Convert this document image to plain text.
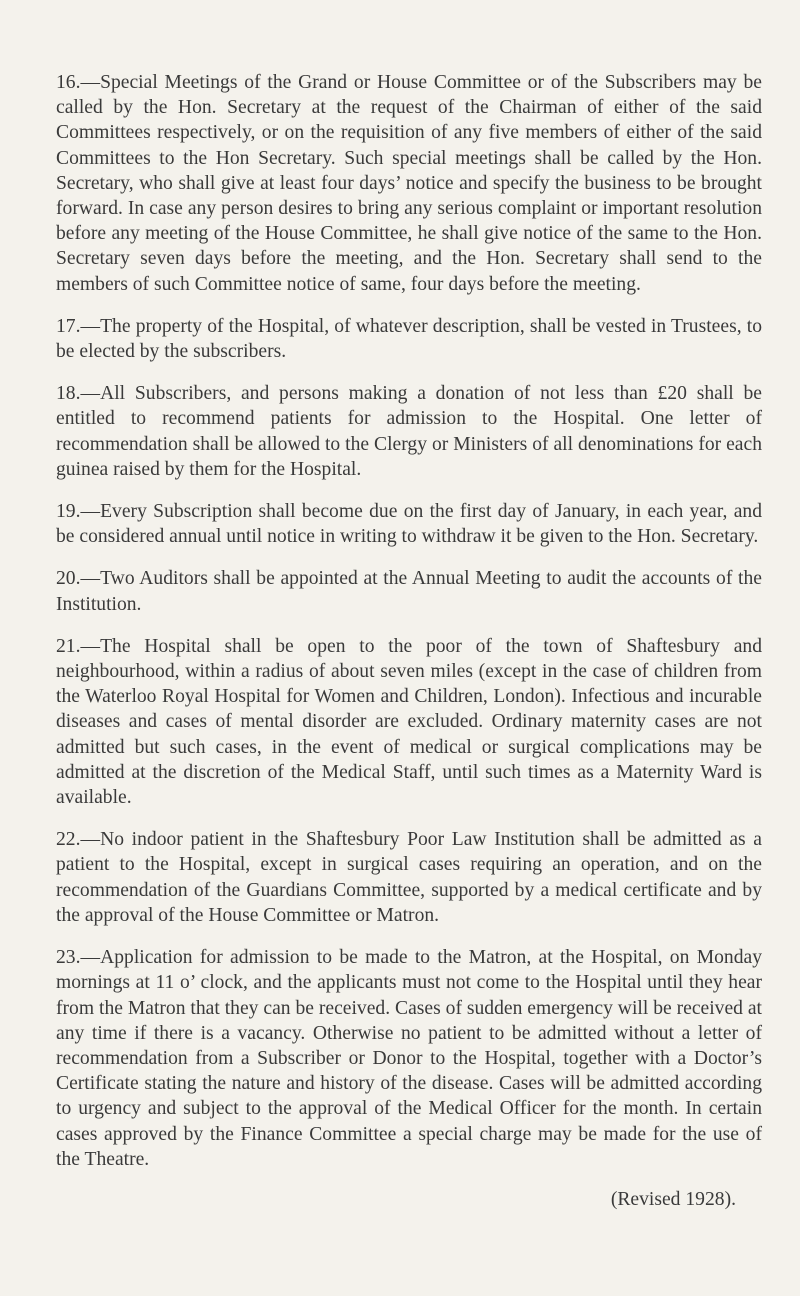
16.—Special Meetings of the Grand or House Committee or of the Subscribers may be called by the Hon. Secretary at the request of the Chairman of either of the said Committees respectively, or on the requisition of any five members of either of the said Committees to the Hon Secretary. Such special meetings shall be called by the Hon. Secretary, who shall give at least four days’ notice and specify the business to be brought forward. In case any person desires to bring any serious complaint or important resolution before any meeting of the House Committee, he shall give notice of the same to the Hon. Secretary seven days before the meeting, and the Hon. Secretary shall send to the members of such Committee notice of same, four days before the meeting.

17.—The property of the Hospital, of whatever description, shall be vested in Trustees, to be elected by the subscribers.

18.—All Subscribers, and persons making a donation of not less than £20 shall be entitled to recommend patients for admission to the Hospital. One letter of recommendation shall be allowed to the Clergy or Ministers of all denominations for each guinea raised by them for the Hospital.

19.—Every Subscription shall become due on the first day of January, in each year, and be considered annual until notice in writing to withdraw it be given to the Hon. Secretary.

20.—Two Auditors shall be appointed at the Annual Meeting to audit the accounts of the Institution.

21.—The Hospital shall be open to the poor of the town of Shaftesbury and neighbourhood, within a radius of about seven miles (except in the case of children from the Waterloo Royal Hospital for Women and Children, London). Infectious and incurable diseases and cases of mental disorder are excluded. Ordinary maternity cases are not admitted but such cases, in the event of medical or surgical complications may be admitted at the discretion of the Medical Staff, until such times as a Maternity Ward is available.

22.—No indoor patient in the Shaftesbury Poor Law Institution shall be admitted as a patient to the Hospital, except in surgical cases requiring an operation, and on the recommendation of the Guardians Committee, supported by a medical certificate and by the approval of the House Committee or Matron.

23.—Application for admission to be made to the Matron, at the Hospital, on Monday mornings at 11 o’ clock, and the applicants must not come to the Hospital until they hear from the Matron that they can be received. Cases of sudden emergency will be received at any time if there is a vacancy. Otherwise no patient to be admitted without a letter of recommendation from a Subscriber or Donor to the Hospital, together with a Doctor’s Certificate stating the nature and history of the disease. Cases will be admitted according to urgency and subject to the approval of the Medical Officer for the month. In certain cases approved by the Finance Committee a special charge may be made for the use of the Theatre.

(Revised 1928).
